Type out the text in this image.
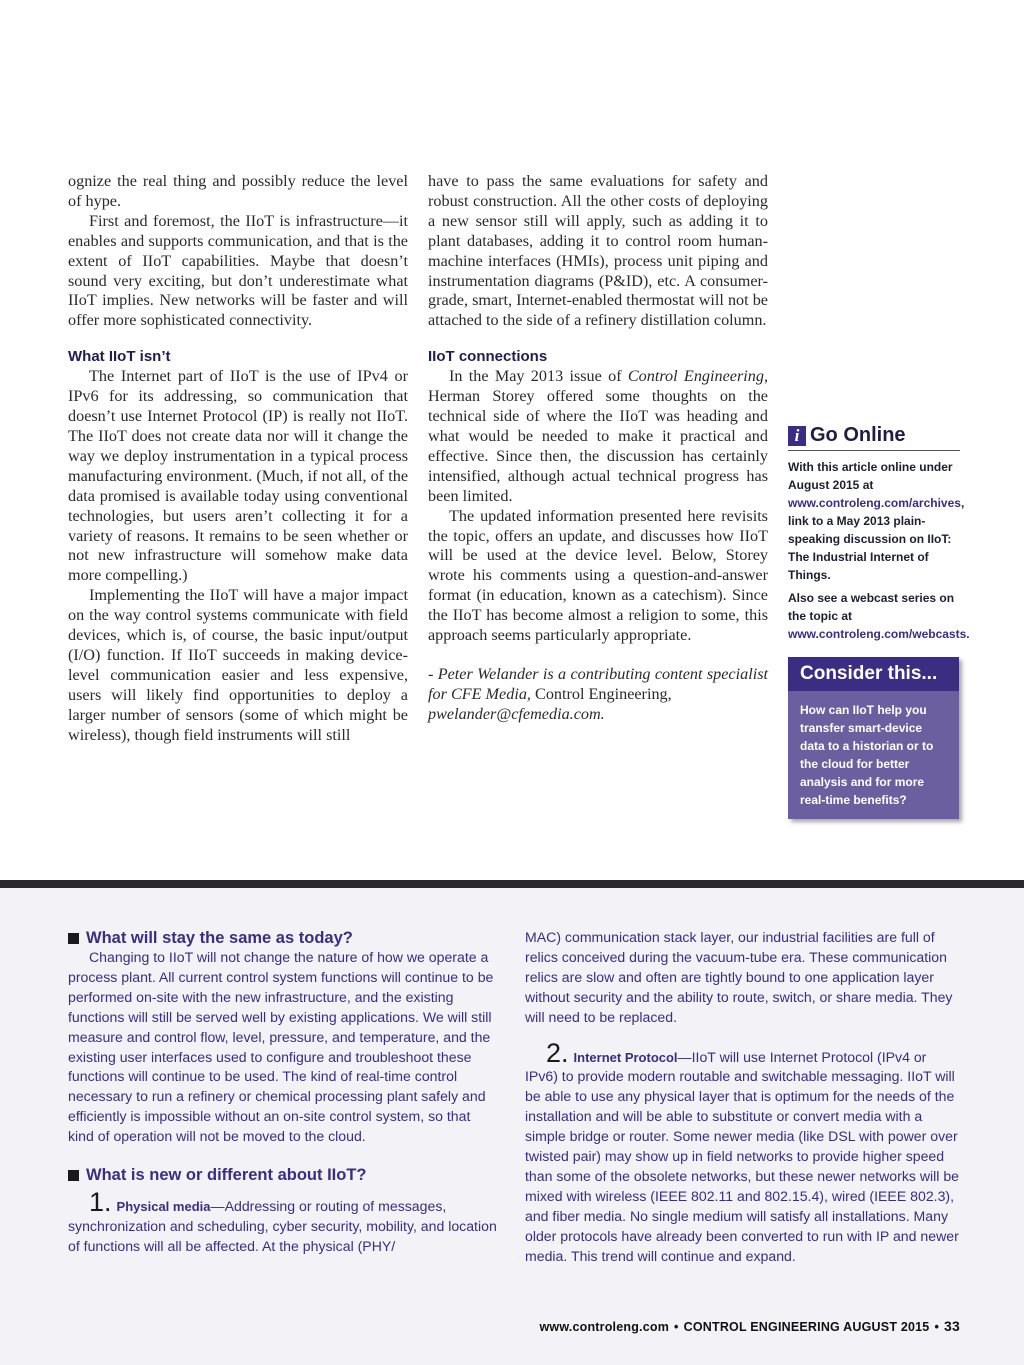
ognize the real thing and possibly reduce the level of hype.

First and foremost, the IIoT is infrastructure—it enables and supports communication, and that is the extent of IIoT capabilities. Maybe that doesn’t sound very exciting, but don’t underestimate what IIoT implies. New networks will be faster and will offer more sophisticated connectivity.

What IIoT isn’t

The Internet part of IIoT is the use of IPv4 or IPv6 for its addressing, so communication that doesn’t use Internet Protocol (IP) is really not IIoT. The IIoT does not create data nor will it change the way we deploy instrumentation in a typical process manufacturing environment. (Much, if not all, of the data promised is available today using conventional technologies, but users aren’t collecting it for a variety of reasons. It remains to be seen whether or not new infrastructure will somehow make data more compelling.)

Implementing the IIoT will have a major impact on the way control systems communicate with field devices, which is, of course, the basic input/output (I/O) function. If IIoT succeeds in making device-level communication easier and less expensive, users will likely find opportunities to deploy a larger number of sensors (some of which might be wireless), though field instruments will still

have to pass the same evaluations for safety and robust construction. All the other costs of deploying a new sensor still will apply, such as adding it to plant databases, adding it to control room human-machine interfaces (HMIs), process unit piping and instrumentation diagrams (P&ID), etc. A consumer-grade, smart, Internet-enabled thermostat will not be attached to the side of a refinery distillation column.

IIoT connections

In the May 2013 issue of Control Engineering, Herman Storey offered some thoughts on the technical side of where the IIoT was heading and what would be needed to make it practical and effective. Since then, the discussion has certainly intensified, although actual technical progress has been limited.

The updated information presented here revisits the topic, offers an update, and discusses how IIoT will be used at the device level. Below, Storey wrote his comments using a question-and-answer format (in education, known as a catechism). Since the IIoT has become almost a religion to some, this approach seems particularly appropriate.

- Peter Welander is a contributing content specialist for CFE Media, Control Engineering,
pwelander@cfemedia.com.

i Go Online
With this article online under August 2015 at www.controleng.com/archives, link to a May 2013 plain-speaking discussion on IIoT: The Industrial Internet of Things.
Also see a webcast series on the topic at www.controleng.com/webcasts.
Consider this...
How can IIoT help you transfer smart-device data to a historian or to the cloud for better analysis and for more real-time benefits?
What will stay the same as today?

Changing to IIoT will not change the nature of how we operate a process plant. All current control system functions will continue to be performed on-site with the new infrastructure, and the existing functions will still be served well by existing applications. We will still measure and control flow, level, pressure, and temperature, and the existing user interfaces used to configure and troubleshoot these functions will continue to be used. The kind of real-time control necessary to run a refinery or chemical processing plant safely and efficiently is impossible without an on-site control system, so that kind of operation will not be moved to the cloud.

What is new or different about IIoT?

1. Physical media—Addressing or routing of messages, synchronization and scheduling, cyber security, mobility, and location of functions will all be affected. At the physical (PHY/

MAC) communication stack layer, our industrial facilities are full of relics conceived during the vacuum-tube era. These communication relics are slow and often are tightly bound to one application layer without security and the ability to route, switch, or share media. They will need to be replaced.

2. Internet Protocol—IIoT will use Internet Protocol (IPv4 or IPv6) to provide modern routable and switchable messaging. IIoT will be able to use any physical layer that is optimum for the needs of the installation and will be able to substitute or convert media with a simple bridge or router. Some newer media (like DSL with power over twisted pair) may show up in field networks to provide higher speed than some of the obsolete networks, but these newer networks will be mixed with wireless (IEEE 802.11 and 802.15.4), wired (IEEE 802.3), and fiber media. No single medium will satisfy all installations. Many older protocols have already been converted to run with IP and newer media. This trend will continue and expand.

www.controleng.com • CONTROL ENGINEERING AUGUST 2015 • 33
